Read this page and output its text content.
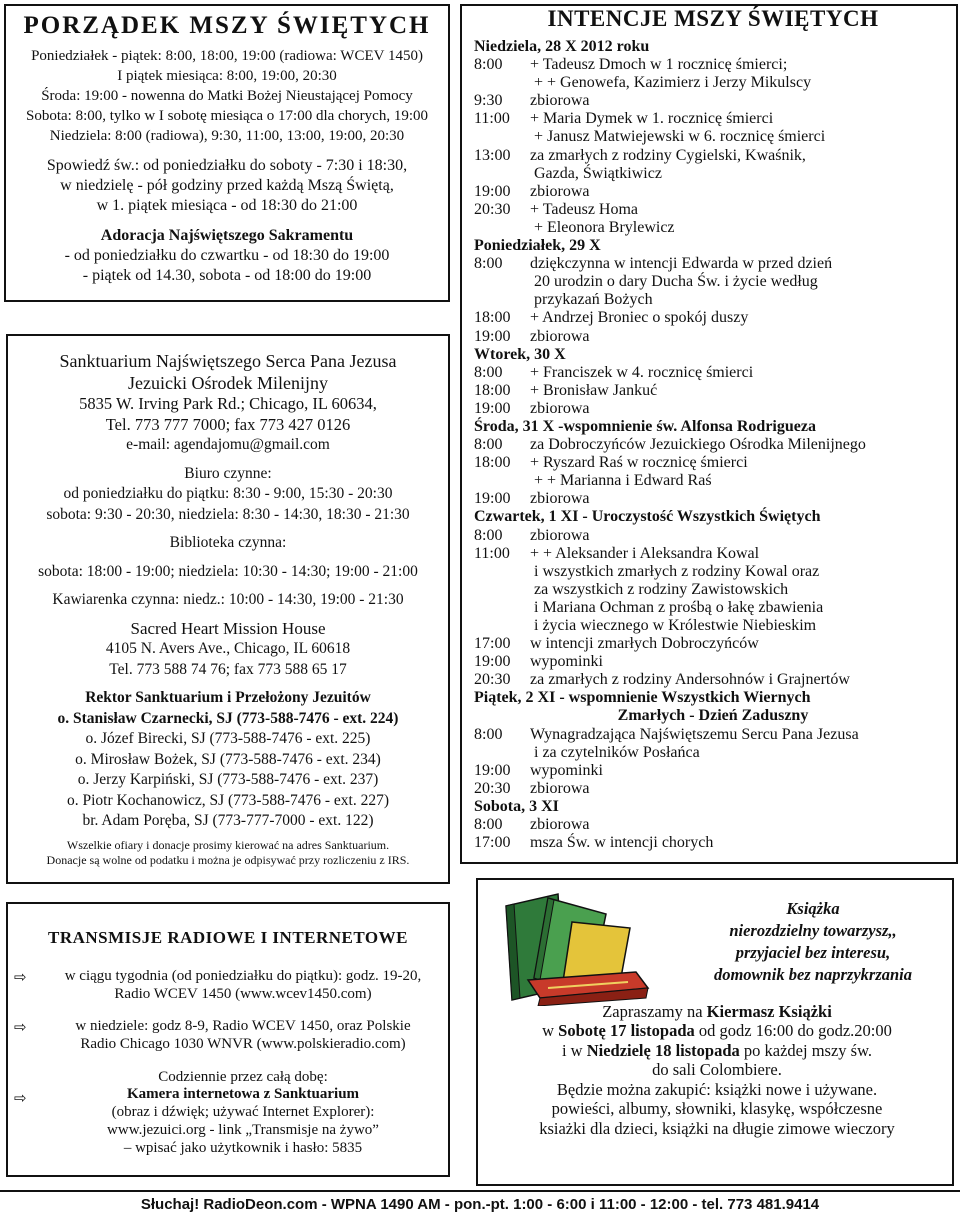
PORZĄDEK MSZY ŚWIĘTYCH
Poniedziałek - piątek: 8:00, 18:00, 19:00 (radiowa: WCEV 1450)
I piątek miesiąca: 8:00, 19:00, 20:30
Środa: 19:00 - nowenna do Matki Bożej Nieustającej Pomocy
Sobota: 8:00, tylko w I sobotę miesiąca o 17:00 dla chorych, 19:00
Niedziela: 8:00 (radiowa), 9:30, 11:00, 13:00, 19:00, 20:30
Spowiedź św.: od poniedziałku do soboty - 7:30 i 18:30,
w niedzielę - pół godziny przed każdą Mszą Świętą,
w 1. piątek miesiąca - od 18:30 do 21:00
Adoracja Najświętszego Sakramentu
- od poniedziałku do czwartku - od 18:30 do 19:00
- piątek od 14.30, sobota - od 18:00 do 19:00
Sanktuarium Najświętszego Serca Pana Jezusa
Jezuicki Ośrodek Milenijny
5835 W. Irving Park Rd.; Chicago, IL 60634,
Tel. 773 777 7000; fax 773 427 0126
e-mail: agendajomu@gmail.com
Biuro czynne:
od poniedziałku do piątku: 8:30 - 9:00, 15:30 - 20:30
sobota: 9:30 - 20:30, niedziela: 8:30 - 14:30, 18:30 - 21:30
Biblioteka czynna:
sobota: 18:00 - 19:00; niedziela: 10:30 - 14:30; 19:00 - 21:00
Kawiarenka czynna: niedz.: 10:00 - 14:30, 19:00 - 21:30
Sacred Heart Mission House
4105 N. Avers Ave., Chicago, IL 60618
Tel. 773 588 74 76; fax 773 588 65 17
Rektor Sanktuarium i Przełożony Jezuitów
o. Stanisław Czarnecki, SJ (773-588-7476 - ext. 224)
o. Józef Birecki, SJ (773-588-7476 - ext. 225)
o. Mirosław Bożek, SJ (773-588-7476 - ext. 234)
o. Jerzy Karpiński, SJ (773-588-7476 - ext. 237)
o. Piotr Kochanowicz, SJ (773-588-7476 - ext. 227)
br. Adam Poręba, SJ (773-777-7000 - ext. 122)
Wszelkie ofiary i donacje prosimy kierować na adres Sanktuarium.
Donacje są wolne od podatku i można je odpisywać przy rozliczeniu z IRS.
TRANSMISJE RADIOWE I INTERNETOWE
⇨	w ciągu tygodnia (od poniedziałku do piątku): godz. 19-20,
Radio WCEV 1450 (www.wcev1450.com)
⇨	w niedziele: godz 8-9, Radio WCEV 1450, oraz Polskie
Radio Chicago 1030 WNVR (www.polskieradio.com)
⇨
Codziennie przez całą dobę:
Kamera internetowa z Sanktuarium
(obraz i dźwięk; używać Internet Explorer):
www.jezuici.org - link „Transmisje na żywo”
– wpisać jako użytkownik i hasło: 5835
INTENCJE MSZY ŚWIĘTYCH
Niedziela, 28 X 2012 roku
8:00 + Tadeusz Dmoch w 1 rocznicę śmierci;
+ + Genowefa, Kazimierz i Jerzy Mikulscy
9:30 zbiorowa
11:00 + Maria Dymek w 1. rocznicę śmierci
+ Janusz Matwiejewski w 6. rocznicę śmierci
13:00 za zmarłych z rodziny Cygielski, Kwaśnik,
Gazda, Świątkiwicz
19:00 zbiorowa
20:30 + Tadeusz Homa
+ Eleonora Brylewicz
Poniedziałek, 29 X
8:00 dziękczynna w intencji Edwarda w przed dzień
20 urodzin o dary Ducha Św. i życie według
przykazań Bożych
18:00 + Andrzej Broniec o spokój duszy
19:00 zbiorowa
Wtorek, 30 X
8:00 + Franciszek w 4. rocznicę śmierci
18:00 + Bronisław Jankuć
19:00 zbiorowa
Środa, 31 X -wspomnienie św. Alfonsa Rodrigueza
8:00 za Dobroczyńców Jezuickiego Ośrodka Milenijnego
18:00 + Ryszard Raś w rocznicę śmierci
+ + Marianna i Edward Raś
19:00 zbiorowa
Czwartek, 1 XI - Uroczystość Wszystkich Świętych
8:00 zbiorowa
11:00 + + Aleksander i Aleksandra Kowal
i wszystkich zmarłych z rodziny Kowal oraz
za wszystkich z rodziny Zawistowskich
i Mariana Ochman z prośbą o łakę zbawienia
i życia wiecznego w Królestwie Niebieskim
17:00 w intencji zmarłych Dobroczyńców
19:00 wypominki
20:30 za zmarłych z rodziny Andersohnów i Grajnertów
Piątek, 2 XI - wspomnienie Wszystkich Wiernych
Zmarłych - Dzień Zaduszny
8:00 Wynagradzająca Najświętszemu Sercu Pana Jezusa
i za czytelników Posłańca
19:00 wypominki
20:30 zbiorowa
Sobota, 3 XI
8:00 zbiorowa
17:00 msza Św. w intencji chorych
Książka
nierozdzielny towarzysz,,
przyjaciel bez interesu,
domownik bez naprzykrzania
Zapraszamy na Kiermasz Książki
w Sobotę 17 listopada od godz 16:00 do godz.20:00
i w Niedzielę 18 listopada po każdej mszy św.
do sali Colombiere.
Będzie można zakupić: książki nowe i używane.
powieści, albumy, słowniki, klasykę, współczesne
ksiażki dla dzieci, książki na długie zimowe wieczory
Słuchaj! RadioDeon.com - WPNA 1490 AM - pon.-pt. 1:00 - 6:00 i 11:00 - 12:00 - tel. 773 481.9414
